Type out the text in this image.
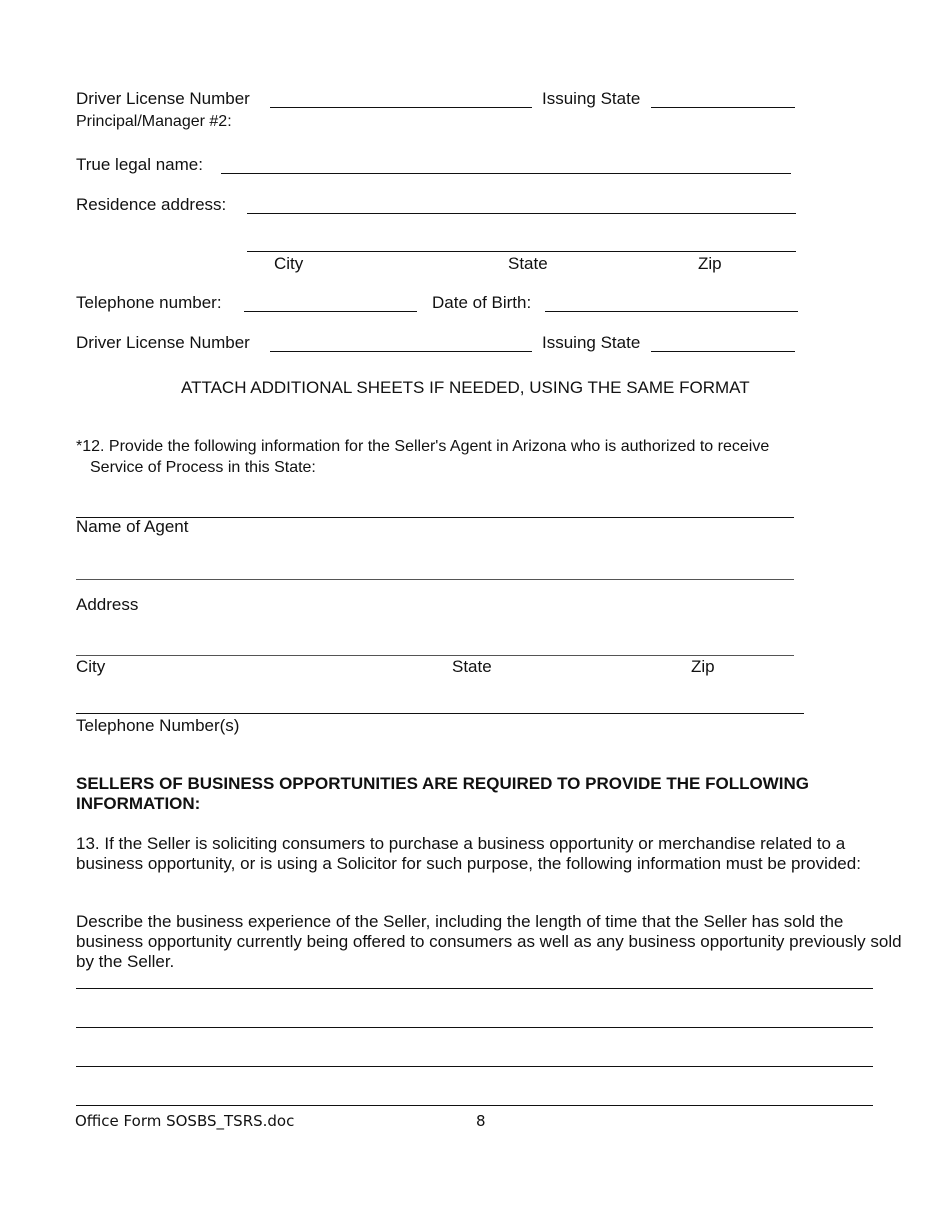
Driver License Number	Issuing State
Principal/Manager #2:
True legal name:
Residence address:
City	State	Zip
Telephone number:	Date of Birth:
Driver License Number	Issuing State
ATTACH ADDITIONAL SHEETS IF NEEDED, USING THE SAME FORMAT
*12. Provide the following information for the Seller's Agent in Arizona who is authorized to receive
Service of Process in this State:
Name of Agent
Address
City	State	Zip
Telephone Number(s)
SELLERS OF BUSINESS OPPORTUNITIES ARE REQUIRED TO PROVIDE THE FOLLOWING INFORMATION:
13. If the Seller is soliciting consumers to purchase a business opportunity or merchandise related to a business opportunity, or is using a Solicitor for such purpose, the following information must be provided:
Describe the business experience of the Seller, including the length of time that the Seller has sold the business opportunity currently being offered to consumers as well as any business opportunity previously sold by the Seller.
Office Form SOSBS_TSRS.doc	8
